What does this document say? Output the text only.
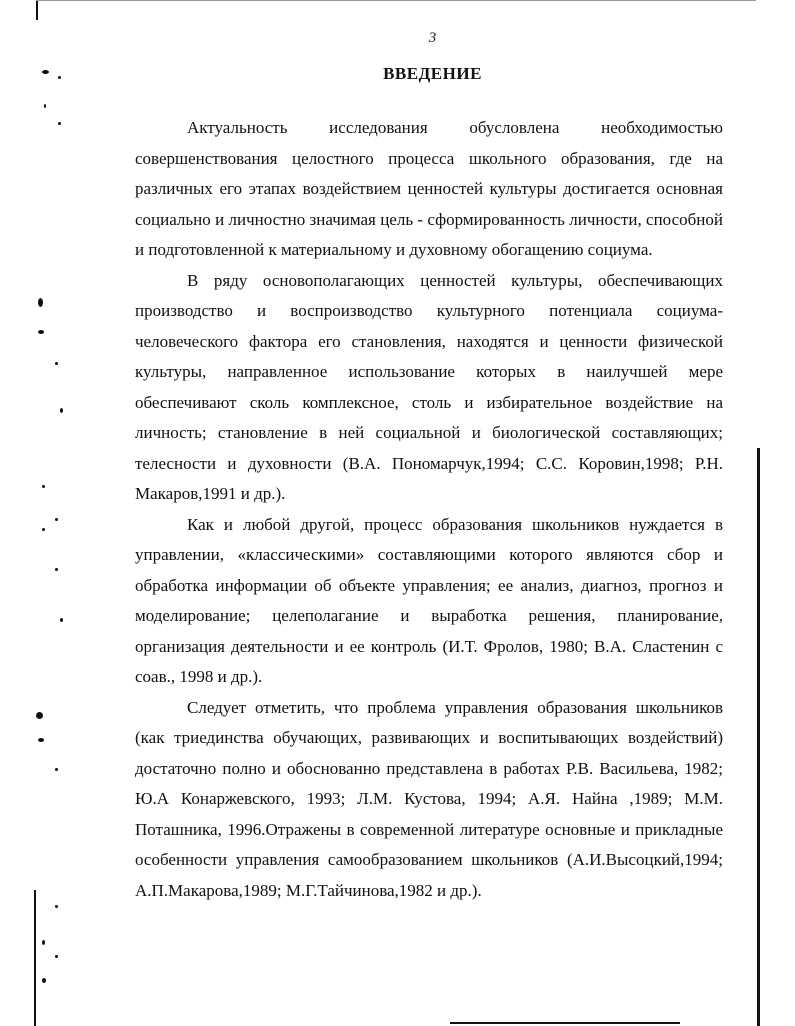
3
ВВЕДЕНИЕ

Актуальность исследования обусловлена необходимостью совершенствования целостного процесса школьного образования, где на различных его этапах воздействием ценностей культуры достигается основная социально и личностно значимая цель - сформированность личности, способной и подготовленной к материальному и духовному обогащению социума.

В ряду основополагающих ценностей культуры, обеспечивающих производство и воспроизводство культурного потенциала социума-человеческого фактора его становления, находятся и ценности физической культуры, направленное использование которых в наилучшей мере обеспечивают сколь комплексное, столь и избирательное воздействие на личность; становление в ней социальной и биологической составляющих; телесности и духовности (В.А. Пономарчук,1994; С.С. Коровин,1998; Р.Н. Макаров,1991 и др.).

Как и любой другой, процесс образования школьников нуждается в управлении, «классическими» составляющими которого являются сбор и обработка информации об объекте управления; ее анализ, диагноз, прогноз и моделирование; целеполагание и выработка решения, планирование, организация деятельности и ее контроль (И.Т. Фролов, 1980; В.А. Сластенин с соав., 1998 и др.).

Следует отметить, что проблема управления образования школьников (как триединства обучающих, развивающих и воспитывающих воздействий) достаточно полно и обоснованно представлена в работах Р.В. Васильева, 1982; Ю.А Конаржевского, 1993; Л.М. Кустова, 1994; А.Я. Найна ,1989; М.М. Поташника, 1996.Отражены в современной литературе основные и прикладные особенности управления самообразованием школьников (А.И.Высоцкий,1994; А.П.Макарова,1989; М.Г.Тайчинова,1982 и др.).
